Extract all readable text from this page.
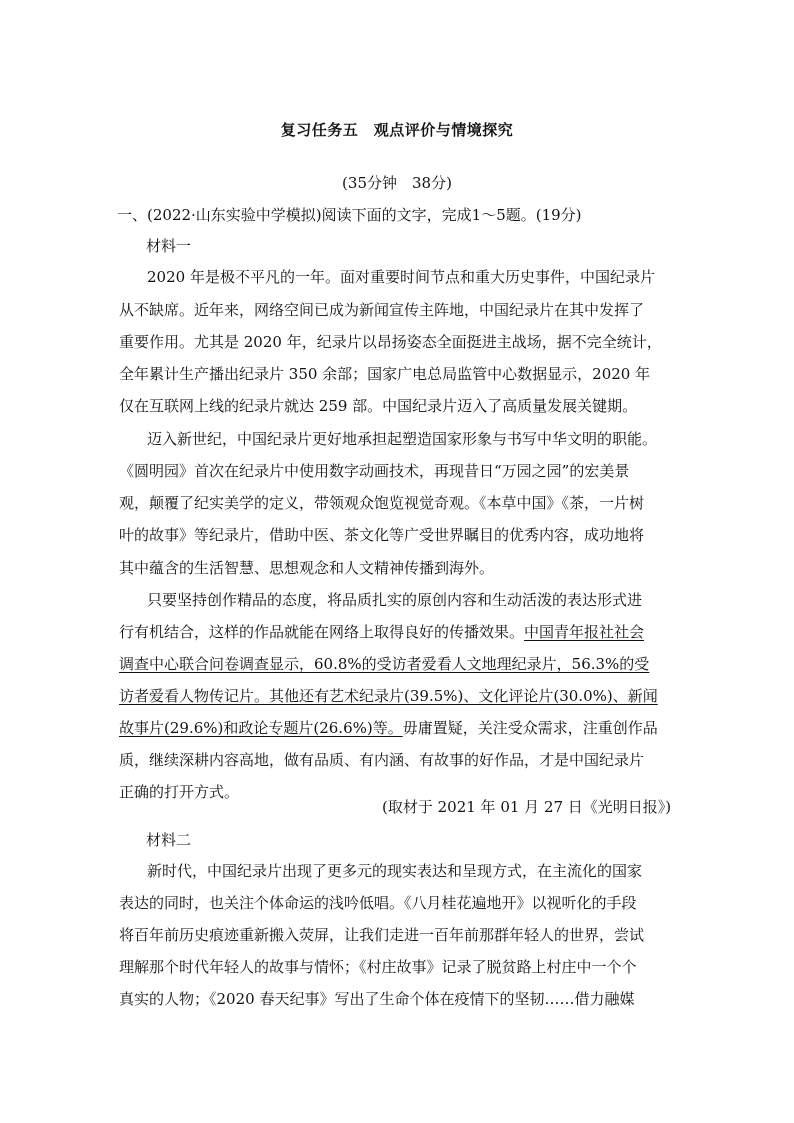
复习任务五　观点评价与情境探究
(35分钟　38分)
一、(2022·山东实验中学模拟)阅读下面的文字，完成1～5题。(19分)
材料一
2020 年是极不平凡的一年。面对重要时间节点和重大历史事件，中国纪录片
从不缺席。近年来，网络空间已成为新闻宣传主阵地，中国纪录片在其中发挥了
重要作用。尤其是 2020 年，纪录片以昂扬姿态全面挺进主战场，据不完全统计，
全年累计生产播出纪录片 350 余部；国家广电总局监管中心数据显示，2020 年
仅在互联网上线的纪录片就达 259 部。中国纪录片迈入了高质量发展关键期。
迈入新世纪，中国纪录片更好地承担起塑造国家形象与书写中华文明的职能。
《圆明园》首次在纪录片中使用数字动画技术，再现昔日“万园之园”的宏美景
观，颠覆了纪实美学的定义，带领观众饱览视觉奇观。《本草中国》《茶，一片树
叶的故事》等纪录片，借助中医、茶文化等广受世界瞩目的优秀内容，成功地将
其中蕴含的生活智慧、思想观念和人文精神传播到海外。
只要坚持创作精品的态度，将品质扎实的原创内容和生动活泼的表达形式进
行有机结合，这样的作品就能在网络上取得良好的传播效果。中国青年报社社会
调查中心联合问卷调查显示，60.8%的受访者爱看人文地理纪录片，56.3%的受
访者爱看人物传记片。其他还有艺术纪录片(39.5%)、文化评论片(30.0%)、新闻
故事片(29.6%)和政论专题片(26.6%)等。毋庸置疑，关注受众需求，注重创作品
质，继续深耕内容高地，做有品质、有内涵、有故事的好作品，才是中国纪录片
正确的打开方式。
(取材于 2021 年 01 月 27 日《光明日报》)
材料二
新时代，中国纪录片出现了更多元的现实表达和呈现方式，在主流化的国家
表达的同时，也关注个体命运的浅吟低唱。《八月桂花遍地开》以视听化的手段
将百年前历史痕迹重新搬入荧屏，让我们走进一百年前那群年轻人的世界，尝试
理解那个时代年轻人的故事与情怀；《村庄故事》记录了脱贫路上村庄中一个个
真实的人物；《2020 春天纪事》写出了生命个体在疫情下的坚韧……借力融媒
